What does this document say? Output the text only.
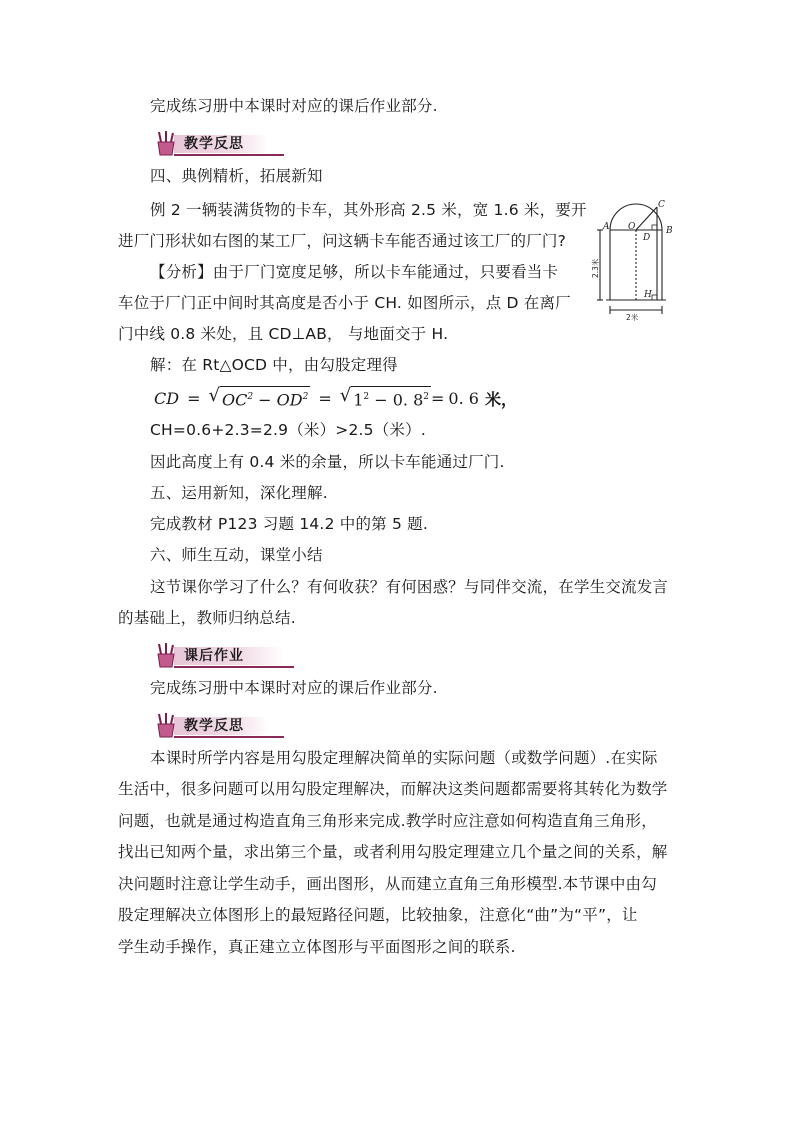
完成练习册中本课时对应的课后作业部分.
教学反思
四、典例精析，拓展新知
例 2 一辆装满货物的卡车，其外形高 2.5 米，宽 1.6 米，要开
进厂门形状如右图的某工厂，问这辆卡车能否通过该工厂的厂门?
【分析】由于厂门宽度足够，所以卡车能通过，只要看当卡
车位于厂门正中间时其高度是否小于 CH. 如图所示，点 D 在离厂
门中线 0.8 米处，且 CD⊥AB， 与地面交于 H.
解：在 Rt△OCD 中，由勾股定理得
CD = √ $OC^2 - OD^2$ = √ $1^2 - 0$. $8^2 = 0$. 6 米，
CH=0.6+2.3=2.9（米）>2.5（米）.
因此高度上有 0.4 米的余量，所以卡车能通过厂门.
五、运用新知，深化理解.
完成教材 P123 习题 14.2 中的第 5 题.
六、师生互动，课堂小结
这节课你学习了什么？有何收获？有何困惑？与同伴交流，在学生交流发言
的基础上，教师归纳总结.
课后作业
完成练习册中本课时对应的课后作业部分.
教学反思
本课时所学内容是用勾股定理解决简单的实际问题（或数学问题）.在实际
生活中，很多问题可以用勾股定理解决，而解决这类问题都需要将其转化为数学
问题，也就是通过构造直角三角形来完成.教学时应注意如何构造直角三角形，
找出已知两个量，求出第三个量，或者利用勾股定理建立几个量之间的关系，解
决问题时注意让学生动手，画出图形，从而建立直角三角形模型.本节课中由勾
股定理解决立体图形上的最短路径问题，比较抽象，注意化“曲”为“平”，让
学生动手操作，真正建立立体图形与平面图形之间的联系.
A	B
C
O
D
H
2.3米
2米
